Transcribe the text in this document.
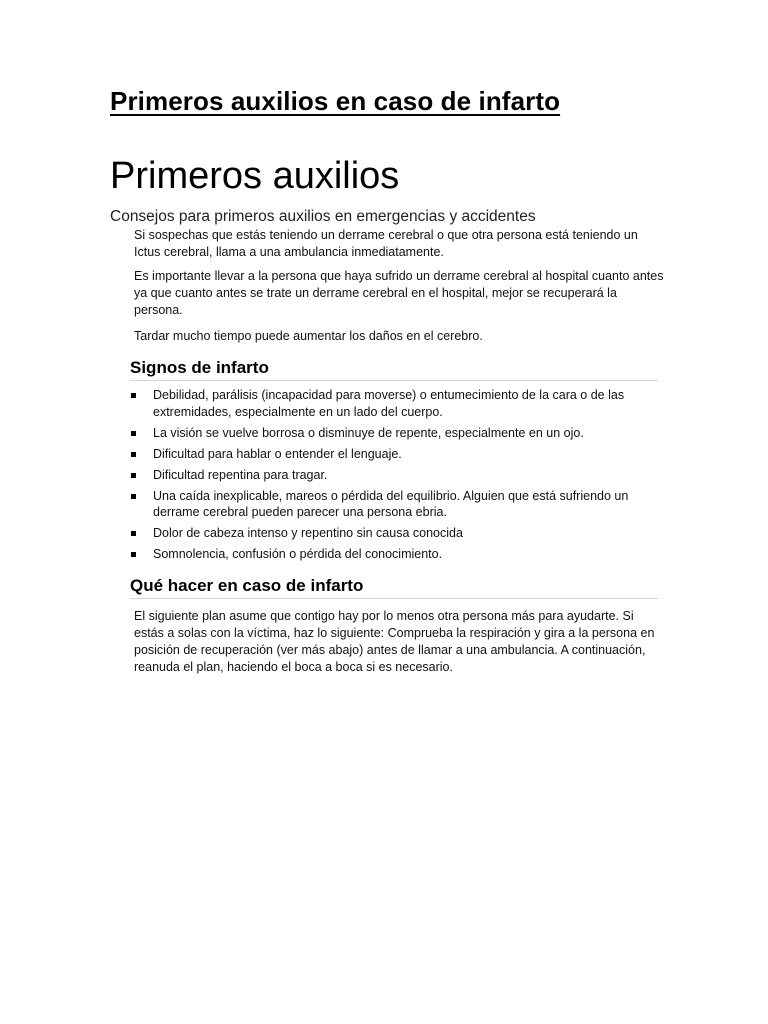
Primeros auxilios en caso de infarto
Primeros auxilios
Consejos para primeros auxilios en emergencias y accidentes

Si sospechas que estás teniendo un derrame cerebral o que otra persona está teniendo un Ictus cerebral, llama a una ambulancia inmediatamente.

Es importante llevar a la persona que haya sufrido un derrame cerebral al hospital cuanto antes ya que cuanto antes se trate un derrame cerebral en el hospital, mejor se recuperará la persona.

Tardar mucho tiempo puede aumentar los daños en el cerebro.

Signos de infarto
Debilidad, parálisis (incapacidad para moverse) o entumecimiento de la cara o de las extremidades, especialmente en un lado del cuerpo.
La visión se vuelve borrosa o disminuye de repente, especialmente en un ojo.
Dificultad para hablar o entender el lenguaje.
Dificultad repentina para tragar.
Una caída inexplicable, mareos o pérdida del equilibrio. Alguien que está sufriendo un derrame cerebral pueden parecer una persona ebria.
Dolor de cabeza intenso y repentino sin causa conocida
Somnolencia, confusión o pérdida del conocimiento.
Qué hacer en caso de infarto

El siguiente plan asume que contigo hay por lo menos otra persona más para ayudarte. Si estás a solas con la víctima, haz lo siguiente: Comprueba la respiración y gira a la persona en posición de recuperación (ver más abajo) antes de llamar a una ambulancia. A continuación, reanuda el plan, haciendo el boca a boca si es necesario.
